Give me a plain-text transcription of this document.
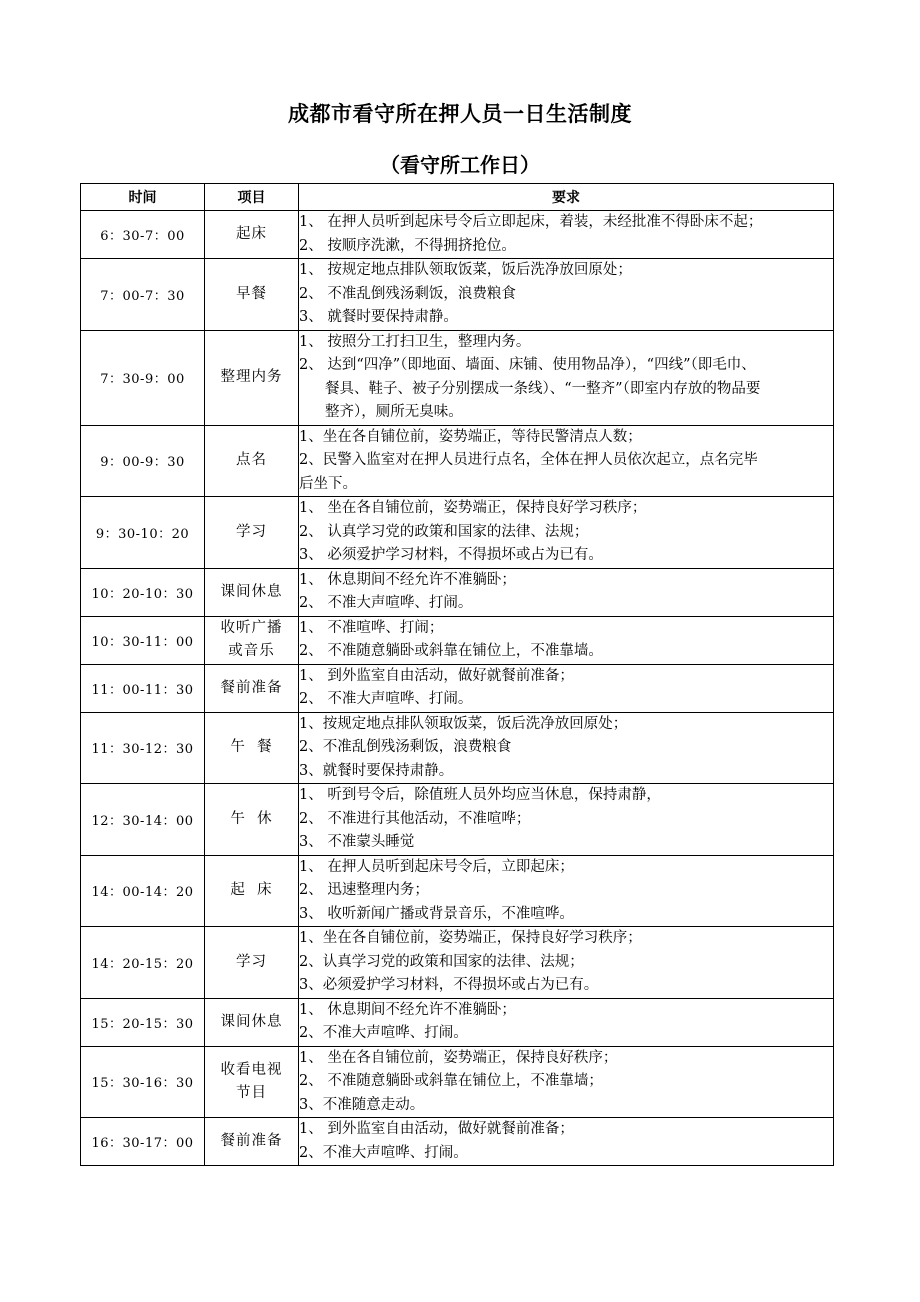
成都市看守所在押人员一日生活制度
（看守所工作日）
时间	项目	要求
6：30-7：00	起床	1、 在押人员听到起床号令后立即起床，着装，未经批准不得卧床不起；
2、 按顺序洗漱，不得拥挤抢位。

7：00-7：30	早餐	1、 按规定地点排队领取饭菜，饭后洗净放回原处；
2、 不准乱倒残汤剩饭，浪费粮食
3、 就餐时要保持肃静。

7：30-9：00	整理内务	1、 按照分工打扫卫生，整理内务。
2、 达到“四净”（即地面、墙面、床铺、使用物品净），“四线”（即毛巾、
餐具、鞋子、被子分别摆成一条线）、“一整齐”（即室内存放的物品要
整齐），厕所无臭味。

9：00-9：30	点名	1、坐在各自铺位前，姿势端正，等待民警清点人数；
2、民警入监室对在押人员进行点名，全体在押人员依次起立，点名完毕
后坐下。

9：30-10：20	学习	1、 坐在各自铺位前，姿势端正，保持良好学习秩序；
2、 认真学习党的政策和国家的法律、法规；
3、 必须爱护学习材料，不得损坏或占为已有。

10：20-10：30	课间休息	1、 休息期间不经允许不准躺卧；
2、 不准大声喧哗、打闹。

10：30-11：00	收听广播或音乐	1、 不准喧哗、打闹；
2、 不准随意躺卧或斜靠在铺位上，不准靠墙。

11：00-11：30	餐前准备	1、 到外监室自由活动，做好就餐前准备；
2、 不准大声喧哗、打闹。

11：30-12：30	午  餐	1、按规定地点排队领取饭菜，饭后洗净放回原处；
2、不准乱倒残汤剩饭，浪费粮食
3、就餐时要保持肃静。

12：30-14：00	午  休	1、 听到号令后，除值班人员外均应当休息，保持肃静，
2、 不准进行其他活动，不准喧哗；
3、 不准蒙头睡觉

14：00-14：20	起  床	1、 在押人员听到起床号令后，立即起床；
2、 迅速整理内务；
3、 收听新闻广播或背景音乐，不准喧哗。

14：20-15：20	学习	1、坐在各自铺位前，姿势端正，保持良好学习秩序；
2、认真学习党的政策和国家的法律、法规；
3、必须爱护学习材料，不得损坏或占为已有。

15：20-15：30	课间休息	1、 休息期间不经允许不准躺卧；
2、不准大声喧哗、打闹。

15：30-16：30	收看电视节目	1、 坐在各自铺位前，姿势端正，保持良好秩序；
2、 不准随意躺卧或斜靠在铺位上，不准靠墙；
3、不准随意走动。

16：30-17：00	餐前准备	1、 到外监室自由活动，做好就餐前准备；
2、不准大声喧哗、打闹。
